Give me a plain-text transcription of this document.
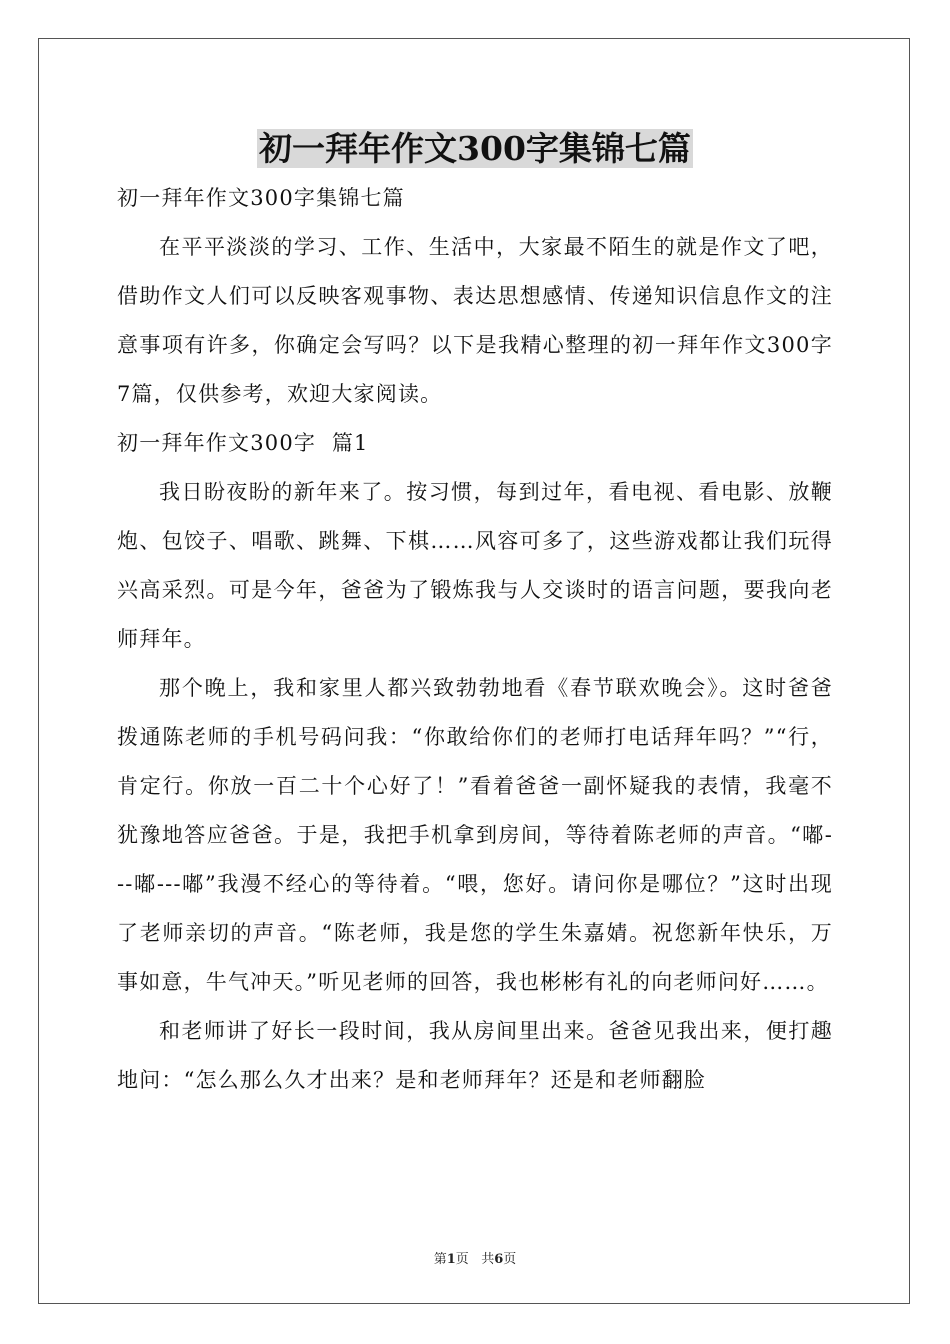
初一拜年作文300字集锦七篇

初一拜年作文300字集锦七篇

在平平淡淡的学习、工作、生活中，大家最不陌生的就是作文了吧，借助作文人们可以反映客观事物、表达思想感情、传递知识信息作文的注意事项有许多，你确定会写吗？以下是我精心整理的初一拜年作文300字7篇，仅供参考，欢迎大家阅读。

初一拜年作文300字  篇1

我日盼夜盼的新年来了。按习惯，每到过年，看电视、看电影、放鞭炮、包饺子、唱歌、跳舞、下棋……风容可多了，这些游戏都让我们玩得兴高采烈。可是今年，爸爸为了锻炼我与人交谈时的语言问题，要我向老师拜年。

那个晚上，我和家里人都兴致勃勃地看《春节联欢晚会》。这时爸爸拨通陈老师的手机号码问我：“你敢给你们的老师打电话拜年吗？”“行，肯定行。你放一百二十个心好了！”看着爸爸一副怀疑我的表情，我毫不犹豫地答应爸爸。于是，我把手机拿到房间，等待着陈老师的声音。“嘟---嘟---嘟”我漫不经心的等待着。“喂，您好。请问你是哪位？”这时出现了老师亲切的声音。“陈老师，我是您的学生朱嘉婧。祝您新年快乐，万事如意，牛气冲天。”听见老师的回答，我也彬彬有礼的向老师问好……。

和老师讲了好长一段时间，我从房间里出来。爸爸见我出来，便打趣地问：“怎么那么久才出来？是和老师拜年？还是和老师翻脸

第1页 共6页
